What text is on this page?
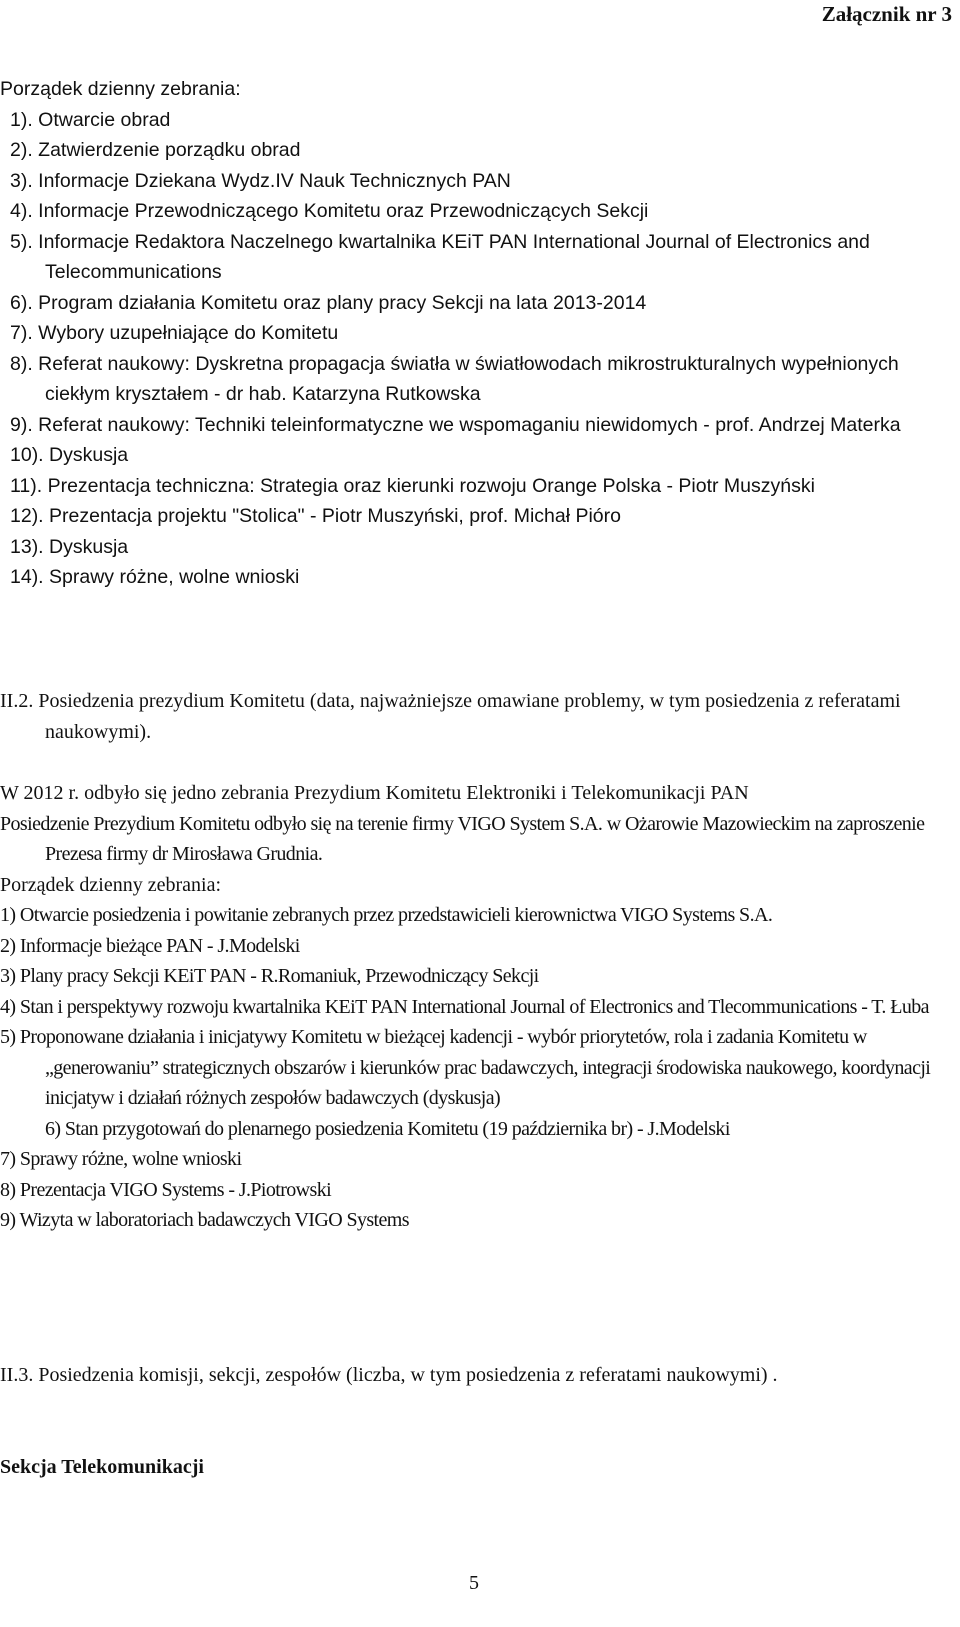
Załącznik nr 3
Porządek dzienny zebrania:
1). Otwarcie obrad
2). Zatwierdzenie porządku obrad
3). Informacje Dziekana Wydz.IV Nauk Technicznych PAN
4). Informacje Przewodniczącego Komitetu oraz Przewodniczących Sekcji
5). Informacje Redaktora Naczelnego kwartalnika KEiT PAN International Journal of Electronics and Telecommunications
6). Program działania Komitetu oraz plany pracy Sekcji na lata 2013-2014
7). Wybory uzupełniające do Komitetu
8). Referat naukowy: Dyskretna propagacja światła w światłowodach mikrostrukturalnych wypełnionych ciekłym kryształem - dr hab. Katarzyna Rutkowska
9). Referat naukowy: Techniki teleinformatyczne we wspomaganiu niewidomych - prof. Andrzej Materka
10). Dyskusja
11). Prezentacja techniczna: Strategia oraz kierunki rozwoju Orange Polska - Piotr Muszyński
12). Prezentacja projektu "Stolica" - Piotr Muszyński, prof. Michał Pióro
13). Dyskusja
14). Sprawy różne, wolne wnioski
II.2. Posiedzenia prezydium Komitetu (data, najważniejsze omawiane problemy, w tym posiedzenia z referatami naukowymi).
W 2012 r. odbyło się jedno zebrania Prezydium Komitetu Elektroniki i Telekomunikacji PAN
Posiedzenie Prezydium Komitetu odbyło się na terenie firmy VIGO System S.A. w Ożarowie Mazowieckim na zaproszenie Prezesa firmy dr Mirosława Grudnia.
Porządek dzienny zebrania:
1) Otwarcie posiedzenia i powitanie zebranych przez przedstawicieli kierownictwa VIGO Systems S.A.
2) Informacje bieżące PAN - J.Modelski
3) Plany pracy Sekcji KEiT PAN - R.Romaniuk, Przewodniczący Sekcji
4) Stan i perspektywy rozwoju kwartalnika KEiT PAN International Journal of Electronics and Tlecommunications - T. Łuba
5) Proponowane działania i inicjatywy Komitetu w bieżącej kadencji - wybór priorytetów, rola i zadania Komitetu w „generowaniu” strategicznych obszarów i kierunków prac badawczych, integracji środowiska naukowego, koordynacji inicjatyw i działań różnych zespołów badawczych (dyskusja)
6) Stan przygotowań do plenarnego posiedzenia Komitetu (19 października br) - J.Modelski
7) Sprawy różne, wolne wnioski
8) Prezentacja VIGO Systems - J.Piotrowski
9) Wizyta w laboratoriach badawczych VIGO Systems
II.3. Posiedzenia komisji, sekcji, zespołów (liczba, w tym posiedzenia z referatami naukowymi) .
Sekcja Telekomunikacji
5
